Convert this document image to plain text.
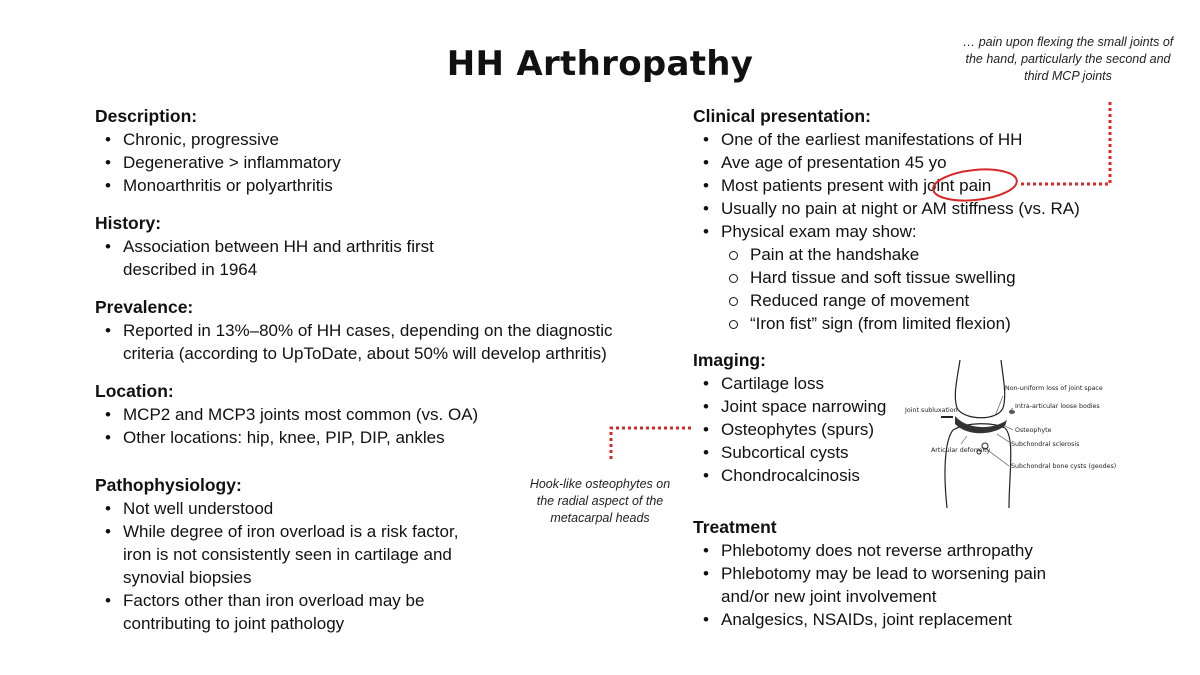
HH Arthropathy
… pain upon flexing the small joints of the hand, particularly the second and third MCP joints
Hook-like osteophytes on the radial aspect of the metacarpal heads
Description:
• Chronic, progressive
• Degenerative > inflammatory
• Monoarthritis or polyarthritis
History:
• Association between HH and arthritis first described in 1964
Prevalence:
• Reported in 13%–80% of HH cases, depending on the diagnostic criteria (according to UpToDate, about 50% will develop arthritis)
Location:
• MCP2 and MCP3 joints most common (vs. OA)
• Other locations: hip, knee, PIP, DIP, ankles
Pathophysiology:
• Not well understood
• While degree of iron overload is a risk factor, iron is not consistently seen in cartilage and synovial biopsies
• Factors other than iron overload may be contributing to joint pathology
Clinical presentation:
• One of the earliest manifestations of HH
• Ave age of presentation 45 yo
• Most patients present with joint pain
• Usually no pain at night or AM stiffness (vs. RA)
• Physical exam may show:
Pain at the handshake
Hard tissue and soft tissue swelling
Reduced range of movement
“Iron fist” sign (from limited flexion)
Imaging:
• Cartilage loss
• Joint space narrowing
• Osteophytes (spurs)
• Subcortical cysts
• Chondrocalcinosis
Treatment
• Phlebotomy does not reverse arthropathy
• Phlebotomy may be lead to worsening pain and/or new joint involvement
• Analgesics, NSAIDs, joint replacement
Non-uniform loss of joint space
Intra-articular loose bodies
Osteophyte
Joint subluxation
Subchondral sclerosis
Articular deformity
Subchondral bone cysts (geodes)
